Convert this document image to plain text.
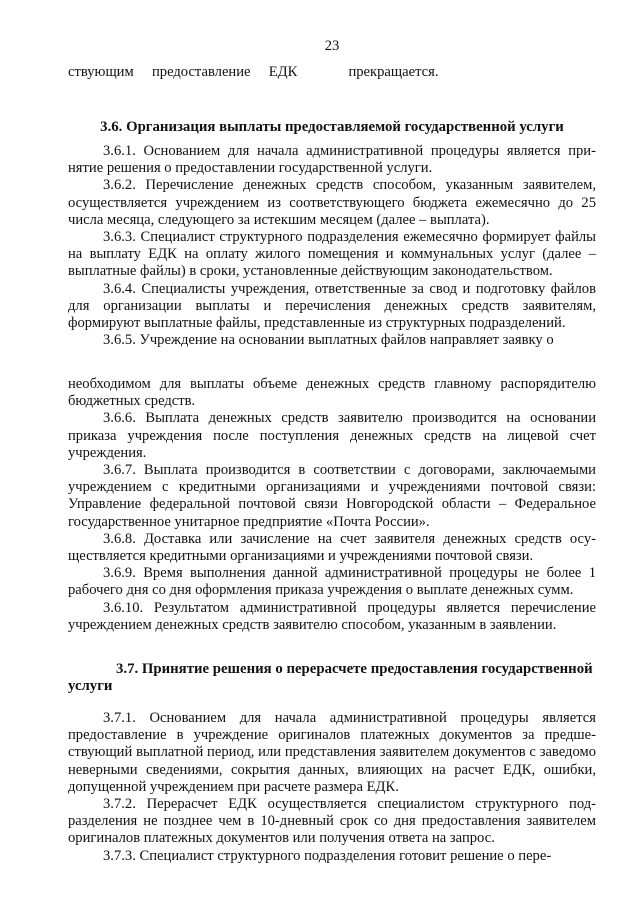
23
ствующим     предоставление     ЕДК              прекращается.
3.6. Организация выплаты предоставляемой государственной услуги

3.6.1. Основанием для начала административной процедуры является принятие решения о предоставлении государственной услуги.

3.6.2. Перечисление денежных средств способом, указанным заявителем, осуществляется учреждением из соответствующего бюджета ежемесячно до 25 числа месяца, следующего за истекшим месяцем (далее – выплата).

3.6.3. Специалист структурного подразделения ежемесячно формирует файлы на выплату ЕДК на оплату жилого помещения и коммунальных услуг (далее – выплатные файлы) в сроки, установленные действующим законодательством.

3.6.4. Специалисты учреждения, ответственные за свод и подготовку файлов для организации выплаты и перечисления денежных средств заявителям, формируют выплатные файлы, представленные из структурных подразделений.

3.6.5. Учреждение на основании выплатных файлов направляет заявку о

необходимом для выплаты объеме денежных средств главному распорядителю бюджетных средств.

3.6.6. Выплата денежных средств заявителю производится на основании приказа учреждения после поступления денежных средств на лицевой счет учреждения.

3.6.7. Выплата производится в соответствии с договорами, заключаемыми учреждением с кредитными организациями и учреждениями почтовой связи: Управление федеральной почтовой связи Новгородской области – Федеральное государственное унитарное предприятие «Почта России».

3.6.8. Доставка или зачисление на счет заявителя денежных средств осуществляется кредитными организациями и учреждениями почтовой связи.

3.6.9. Время выполнения данной административной процедуры не более 1 рабочего дня со дня оформления приказа учреждения о выплате денежных сумм.

3.6.10. Результатом административной процедуры является перечисление учреждением денежных средств заявителю способом, указанным в заявлении.

3.7. Принятие решения о перерасчете предоставления государственной услуги

3.7.1. Основанием для начала административной процедуры является предоставление в учреждение оригиналов платежных документов за предшествующий выплатной период, или представления заявителем документов с заведомо неверными сведениями, сокрытия данных, влияющих на расчет ЕДК, ошибки, допущенной учреждением при расчете размера ЕДК.

3.7.2. Перерасчет ЕДК осуществляется специалистом структурного подразделения не позднее чем в 10-дневный срок со дня предоставления заявителем оригиналов платежных документов или получения ответа на запрос.

3.7.3. Специалист структурного подразделения готовит решение о пере-
